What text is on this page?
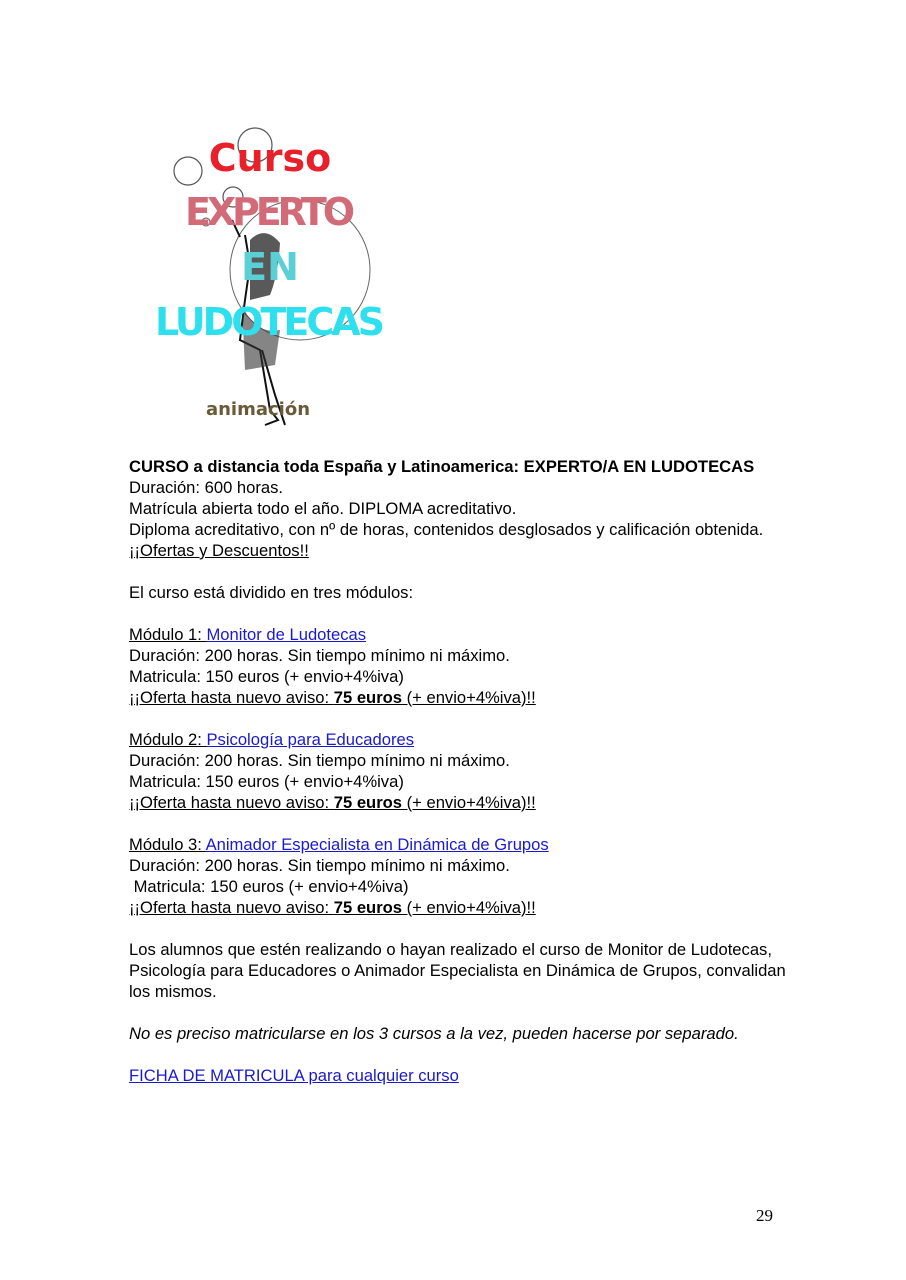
Curso
EXPERTO
EN
LUDOTECAS
animación
CURSO a distancia toda España y Latinoamerica: EXPERTO/A EN LUDOTECAS
Duración: 600 horas.
Matrícula abierta todo el año. DIPLOMA acreditativo.
Diploma acreditativo, con nº de horas, contenidos desglosados y calificación obtenida.
¡¡Ofertas y Descuentos!!
El curso está dividido en tres módulos:
Módulo 1: Monitor de Ludotecas
Duración: 200 horas. Sin tiempo mínimo ni máximo.
Matricula: 150 euros (+ envio+4%iva)
¡¡Oferta hasta nuevo aviso: 75 euros (+ envio+4%iva)!!
Módulo 2: Psicología para Educadores
Duración: 200 horas. Sin tiempo mínimo ni máximo.
Matricula: 150 euros (+ envio+4%iva)
¡¡Oferta hasta nuevo aviso: 75 euros (+ envio+4%iva)!!
Módulo 3: Animador Especialista en Dinámica de Grupos
Duración: 200 horas. Sin tiempo mínimo ni máximo.
Matricula: 150 euros (+ envio+4%iva)
¡¡Oferta hasta nuevo aviso: 75 euros (+ envio+4%iva)!!
Los alumnos que estén realizando o hayan realizado el curso de Monitor de Ludotecas,   Psicología para Educadores o Animador Especialista en Dinámica de Grupos, convalidan los mismos.
No es preciso matricularse en los 3 cursos a la vez, pueden hacerse por separado.
FICHA DE MATRICULA para cualquier curso
29
